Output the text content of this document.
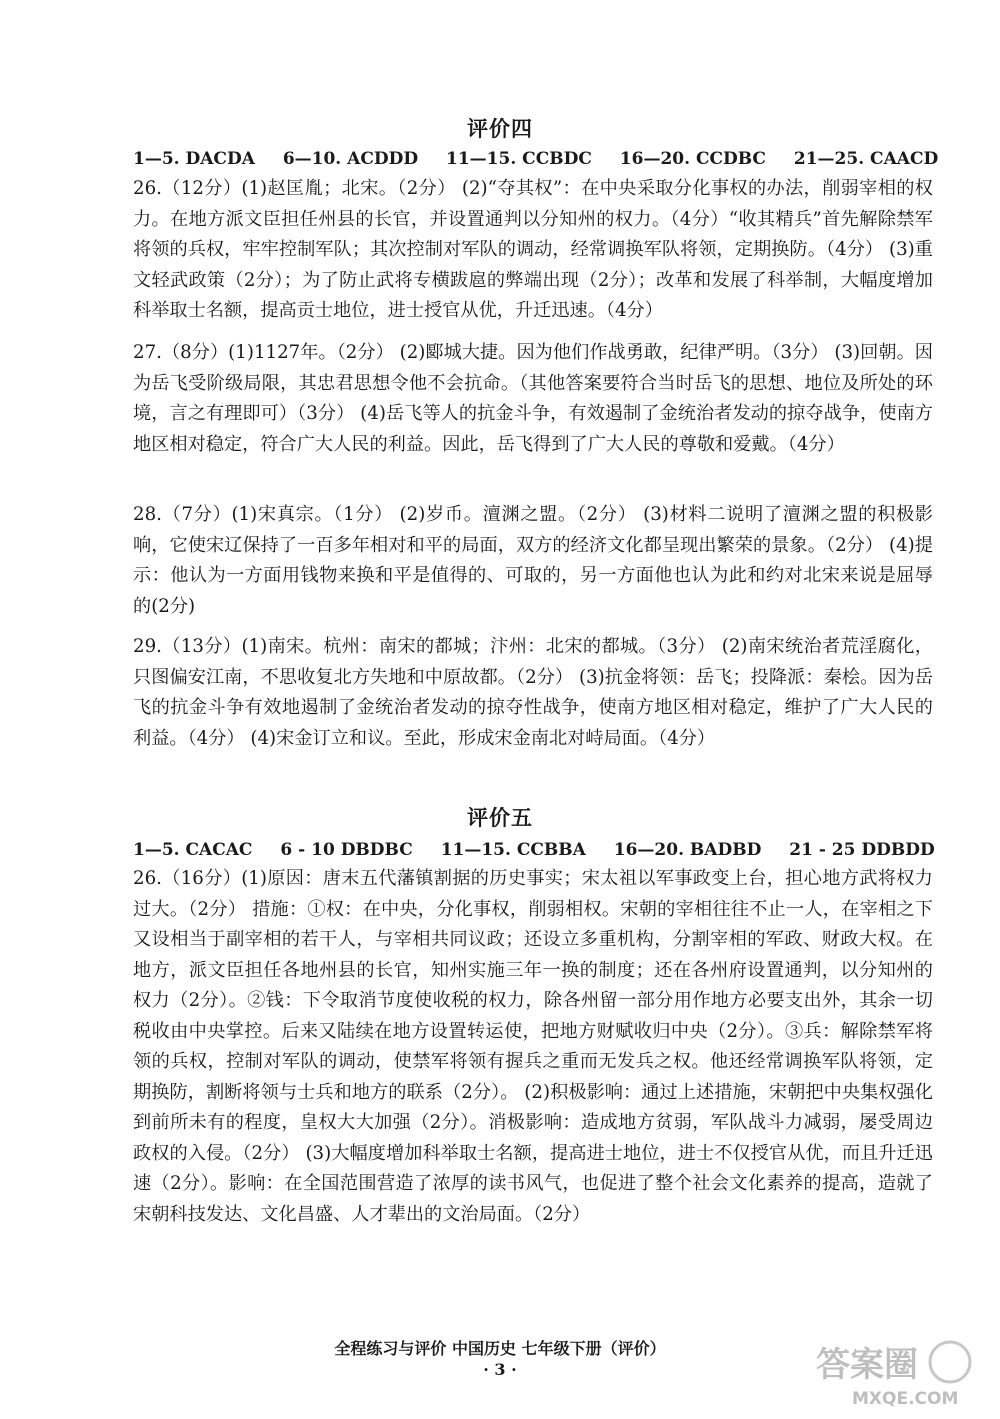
评价四
1—5. DACDA 6—10. ACDDD 11—15. CCBDC 16—20. CCDBC 21—25. CAACD
26.（12分）(1)赵匡胤；北宋。（2分） (2)“夺其权”：在中央采取分化事权的办法，削弱宰相的权力。在地方派文臣担任州县的长官，并设置通判以分知州的权力。（4分）“收其精兵”首先解除禁军将领的兵权，牢牢控制军队；其次控制对军队的调动，经常调换军队将领，定期换防。（4分） (3)重文轻武政策（2分）；为了防止武将专横跋扈的弊端出现（2分）；改革和发展了科举制，大幅度增加科举取士名额，提高贡士地位，进士授官从优，升迁迅速。（4分）
27.（8分）(1)1127年。（2分） (2)郾城大捷。因为他们作战勇敢，纪律严明。（3分） (3)回朝。因为岳飞受阶级局限，其忠君思想令他不会抗命。（其他答案要符合当时岳飞的思想、地位及所处的环境，言之有理即可）（3分） (4)岳飞等人的抗金斗争，有效遏制了金统治者发动的掠夺战争，使南方地区相对稳定，符合广大人民的利益。因此，岳飞得到了广大人民的尊敬和爱戴。（4分）
28.（7分）(1)宋真宗。（1分） (2)岁币。澶渊之盟。（2分） (3)材料二说明了澶渊之盟的积极影响，它使宋辽保持了一百多年相对和平的局面，双方的经济文化都呈现出繁荣的景象。（2分） (4)提示：他认为一方面用钱物来换和平是值得的、可取的，另一方面他也认为此和约对北宋来说是屈辱的(2分)
29.（13分）(1)南宋。杭州：南宋的都城；汴州：北宋的都城。（3分） (2)南宋统治者荒淫腐化，只图偏安江南，不思收复北方失地和中原故都。（2分） (3)抗金将领：岳飞；投降派：秦桧。因为岳飞的抗金斗争有效地遏制了金统治者发动的掠夺性战争，使南方地区相对稳定，维护了广大人民的利益。（4分） (4)宋金订立和议。至此，形成宋金南北对峙局面。（4分）
评价五
1—5. CACAC 6 - 10 DBDBC 11—15. CCBBA 16—20. BADBD 21 - 25 DDBDD
26.（16分）(1)原因：唐末五代藩镇割据的历史事实；宋太祖以军事政变上台，担心地方武将权力过大。（2分） 措施：①权：在中央，分化事权，削弱相权。宋朝的宰相往往不止一人，在宰相之下又设相当于副宰相的若干人，与宰相共同议政；还设立多重机构，分割宰相的军政、财政大权。在地方，派文臣担任各地州县的长官，知州实施三年一换的制度；还在各州府设置通判，以分知州的权力（2分）。②钱：下令取消节度使收税的权力，除各州留一部分用作地方必要支出外，其余一切税收由中央掌控。后来又陆续在地方设置转运使，把地方财赋收归中央（2分）。③兵：解除禁军将领的兵权，控制对军队的调动，使禁军将领有握兵之重而无发兵之权。他还经常调换军队将领，定期换防，割断将领与士兵和地方的联系（2分）。 (2)积极影响：通过上述措施，宋朝把中央集权强化到前所未有的程度，皇权大大加强（2分）。消极影响：造成地方贫弱，军队战斗力减弱，屡受周边政权的入侵。（2分） (3)大幅度增加科举取士名额，提高进士地位，进士不仅授官从优，而且升迁迅速（2分）。影响：在全国范围营造了浓厚的读书风气，也促进了整个社会文化素养的提高，造就了宋朝科技发达、文化昌盛、人才辈出的文治局面。（2分）
全程练习与评价 中国历史 七年级下册（评价）
· 3 ·	答案圈
MXQE.COM
